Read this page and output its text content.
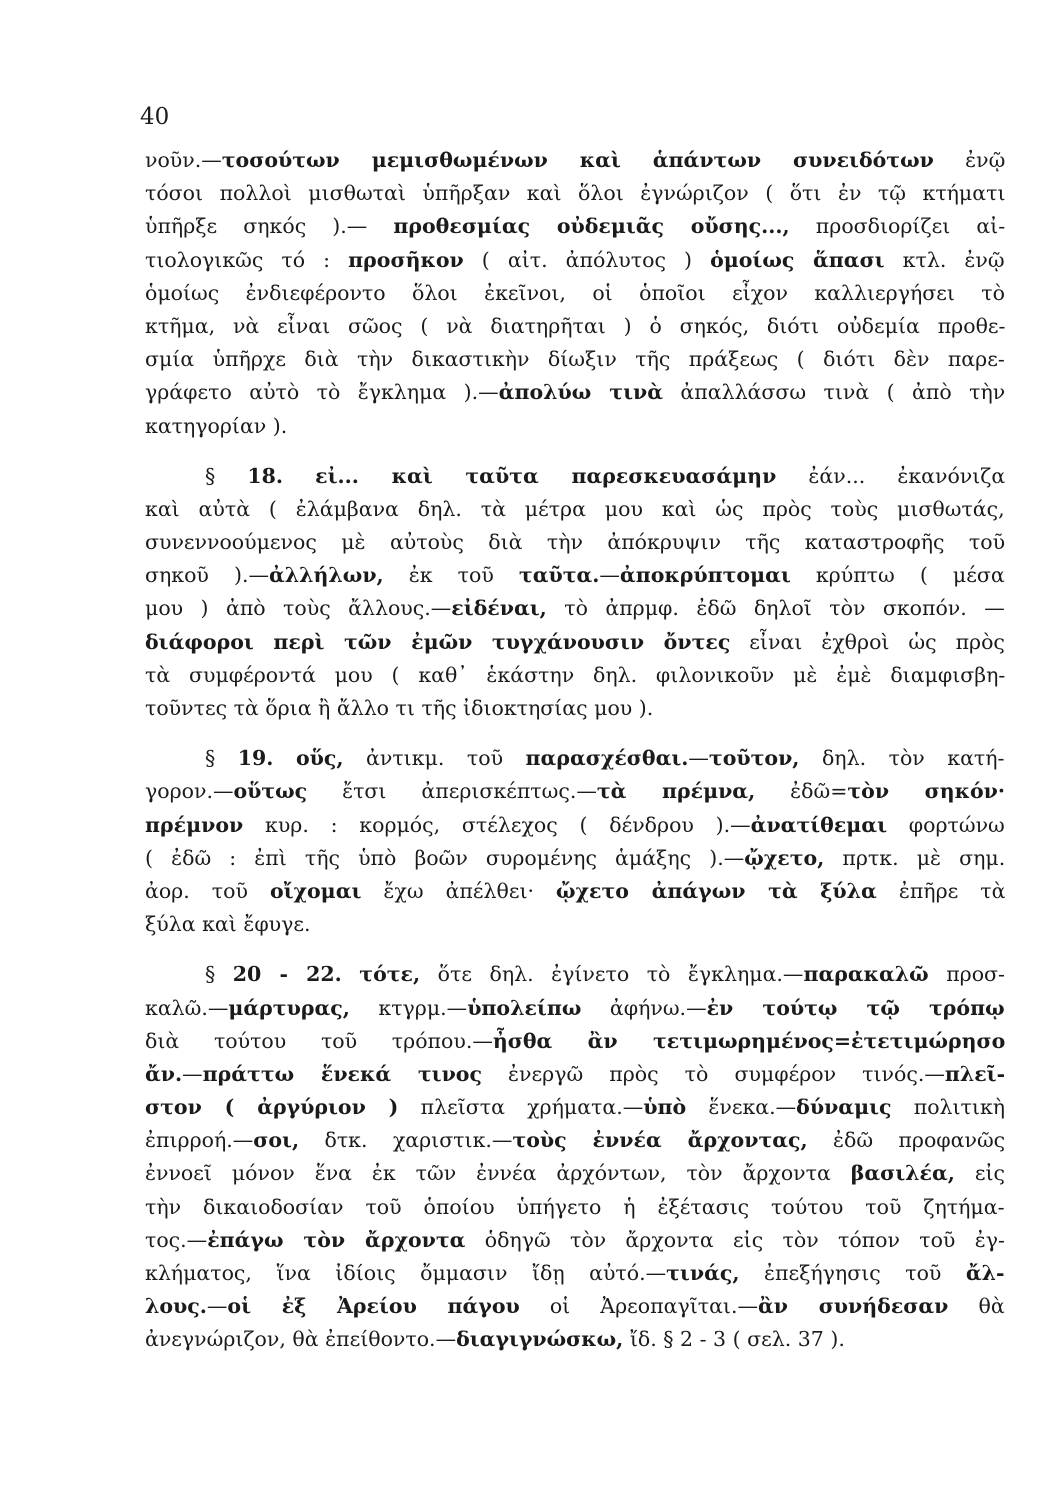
40
νοῦν.—τοσούτων μεμισθωμένων καὶ ἁπάντων συνειδότων ἐνῷ
τόσοι πολλοὶ μισθωταὶ ὑπῆρξαν καὶ ὅλοι ἐγνώριζον ( ὅτι ἐν τῷ κτήματι
ὑπῆρξε σηκός ).— προθεσμίας οὐδεμιᾶς οὔσης..., προσδιορίζει αἰ-
τιολογικῶς τό : προσῆκον ( αἰτ. ἀπόλυτος ) ὁμοίως ἅπασι κτλ. ἐνῷ
ὁμοίως ἐνδιεφέροντο ὅλοι ἐκεῖνοι, οἱ ὁποῖοι εἶχον καλλιεργήσει τὸ
κτῆμα, νὰ εἶναι σῶος ( νὰ διατηρῆται ) ὁ σηκός, διότι οὐδεμία προθε-
σμία ὑπῆρχε διὰ τὴν δικαστικὴν δίωξιν τῆς πράξεως ( διότι δὲν παρε-
γράφετο αὐτὸ τὸ ἔγκλημα ).—ἀπολύω τινὰ ἀπαλλάσσω τινὰ ( ἀπὸ τὴν
κατηγορίαν ).
§ 18. εἰ... καὶ ταῦτα παρεσκευασάμην ἐάν... ἐκανόνιζα
καὶ αὐτὰ ( ἐλάμβανα δηλ. τὰ μέτρα μου καὶ ὡς πρὸς τοὺς μισθωτάς,
συνεννοούμενος μὲ αὐτοὺς διὰ τὴν ἀπόκρυψιν τῆς καταστροφῆς τοῦ
σηκοῦ ).—ἀλλήλων, ἐκ τοῦ ταῦτα.—ἀποκρύπτομαι κρύπτω ( μέσα
μου ) ἀπὸ τοὺς ἄλλους.—εἰδέναι, τὸ ἀπρμφ. ἐδῶ δηλοῖ τὸν σκοπόν. —
διάφοροι περὶ τῶν ἐμῶν τυγχάνουσιν ὄντες εἶναι ἐχθροὶ ὡς πρὸς
τὰ συμφέροντά μου ( καθ᾽ ἑκάστην δηλ. φιλονικοῦν μὲ ἐμὲ διαμφισβη-
τοῦντες τὰ ὅρια ἢ ἄλλο τι τῆς ἰδιοκτησίας μου ).
§ 19. οὕς, ἀντικμ. τοῦ παρασχέσθαι.—τοῦτον, δηλ. τὸν κατή-
γορον.—οὕτως ἔτσι ἀπερισκέπτως.—τὰ πρέμνα, ἐδῶ=τὸν σηκόν·
πρέμνον κυρ. : κορμός, στέλεχος ( δένδρου ).—ἀνατίθεμαι φορτώνω
( ἐδῶ : ἐπὶ τῆς ὑπὸ βοῶν συρομένης ἁμάξης ).—ᾤχετο, πρτκ. μὲ σημ.
ἀορ. τοῦ οἴχομαι ἔχω ἀπέλθει· ᾤχετο ἀπάγων τὰ ξύλα ἐπῆρε τὰ
ξύλα καὶ ἔφυγε.
§ 20 - 22. τότε, ὅτε δηλ. ἐγίνετο τὸ ἔγκλημα.—παρακαλῶ προσ-
καλῶ.—μάρτυρας, κτγρμ.—ὑπολείπω ἀφήνω.—ἐν τούτῳ τῷ τρόπῳ
διὰ τούτου τοῦ τρόπου.—ἦσθα ἂν τετιμωρημένος=ἐτετιμώρησο
ἄν.—πράττω ἕνεκά τινος ἐνεργῶ πρὸς τὸ συμφέρον τινός.—πλεῖ-
στον ( ἀργύριον ) πλεῖστα χρήματα.—ὑπὸ ἕνεκα.—δύναμις πολιτικὴ
ἐπιρροή.—σοι, δτκ. χαριστικ.—τοὺς ἐννέα ἄρχοντας, ἐδῶ προφανῶς
ἐννοεῖ μόνον ἕνα ἐκ τῶν ἐννέα ἀρχόντων, τὸν ἄρχοντα βασιλέα, εἰς
τὴν δικαιοδοσίαν τοῦ ὁποίου ὑπήγετο ἡ ἐξέτασις τούτου τοῦ ζητήμα-
τος.—ἐπάγω τὸν ἄρχοντα ὁδηγῶ τὸν ἄρχοντα εἰς τὸν τόπον τοῦ ἐγ-
κλήματος, ἵνα ἰδίοις ὄμμασιν ἴδῃ αὐτό.—τινάς, ἐπεξήγησις τοῦ ἄλ-
λους.—οἱ ἐξ Ἀρείου πάγου οἱ Ἀρεοπαγῖται.—ἂν συνήδεσαν θὰ
ἀνεγνώριζον, θὰ ἐπείθοντο.—διαγιγνώσκω, ἴδ. § 2 - 3 ( σελ. 37 ).
